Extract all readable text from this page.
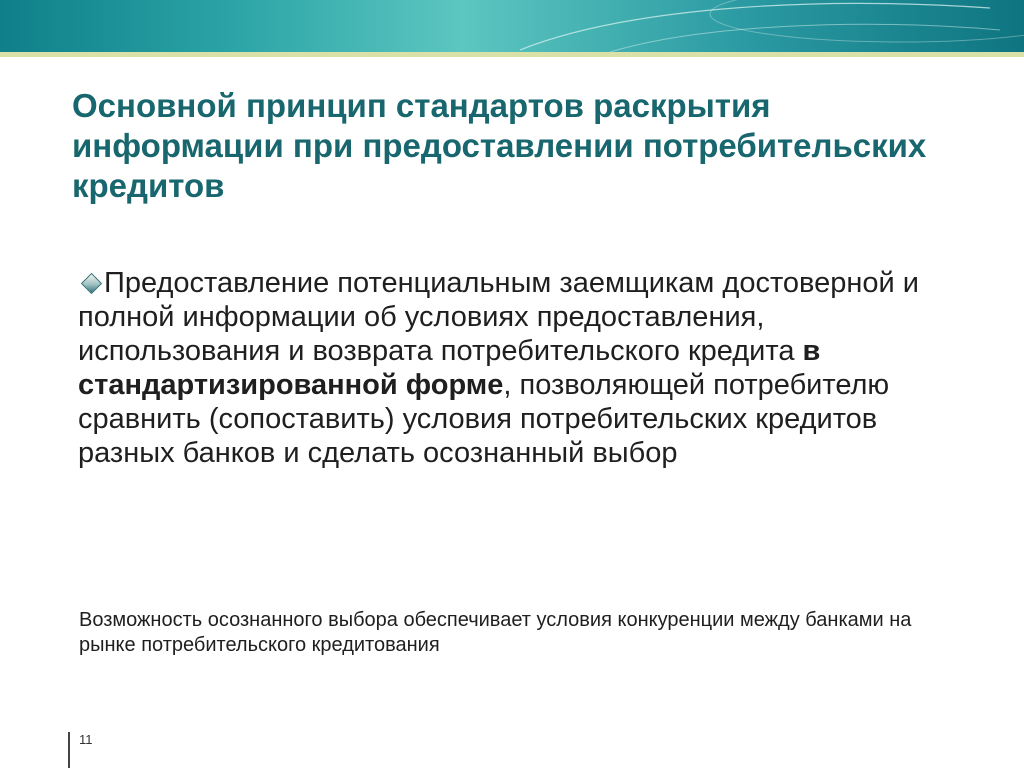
Основной принцип стандартов раскрытия информации при предоставлении потребительских кредитов

Предоставление потенциальным заемщикам достоверной и полной информации об условиях предоставления, использования и возврата потребительского кредита в стандартизированной форме, позволяющей потребителю сравнить (сопоставить) условия потребительских кредитов разных банков и сделать осознанный выбор

Возможность осознанного выбора обеспечивает условия конкуренции между банками на рынке потребительского кредитования

11
